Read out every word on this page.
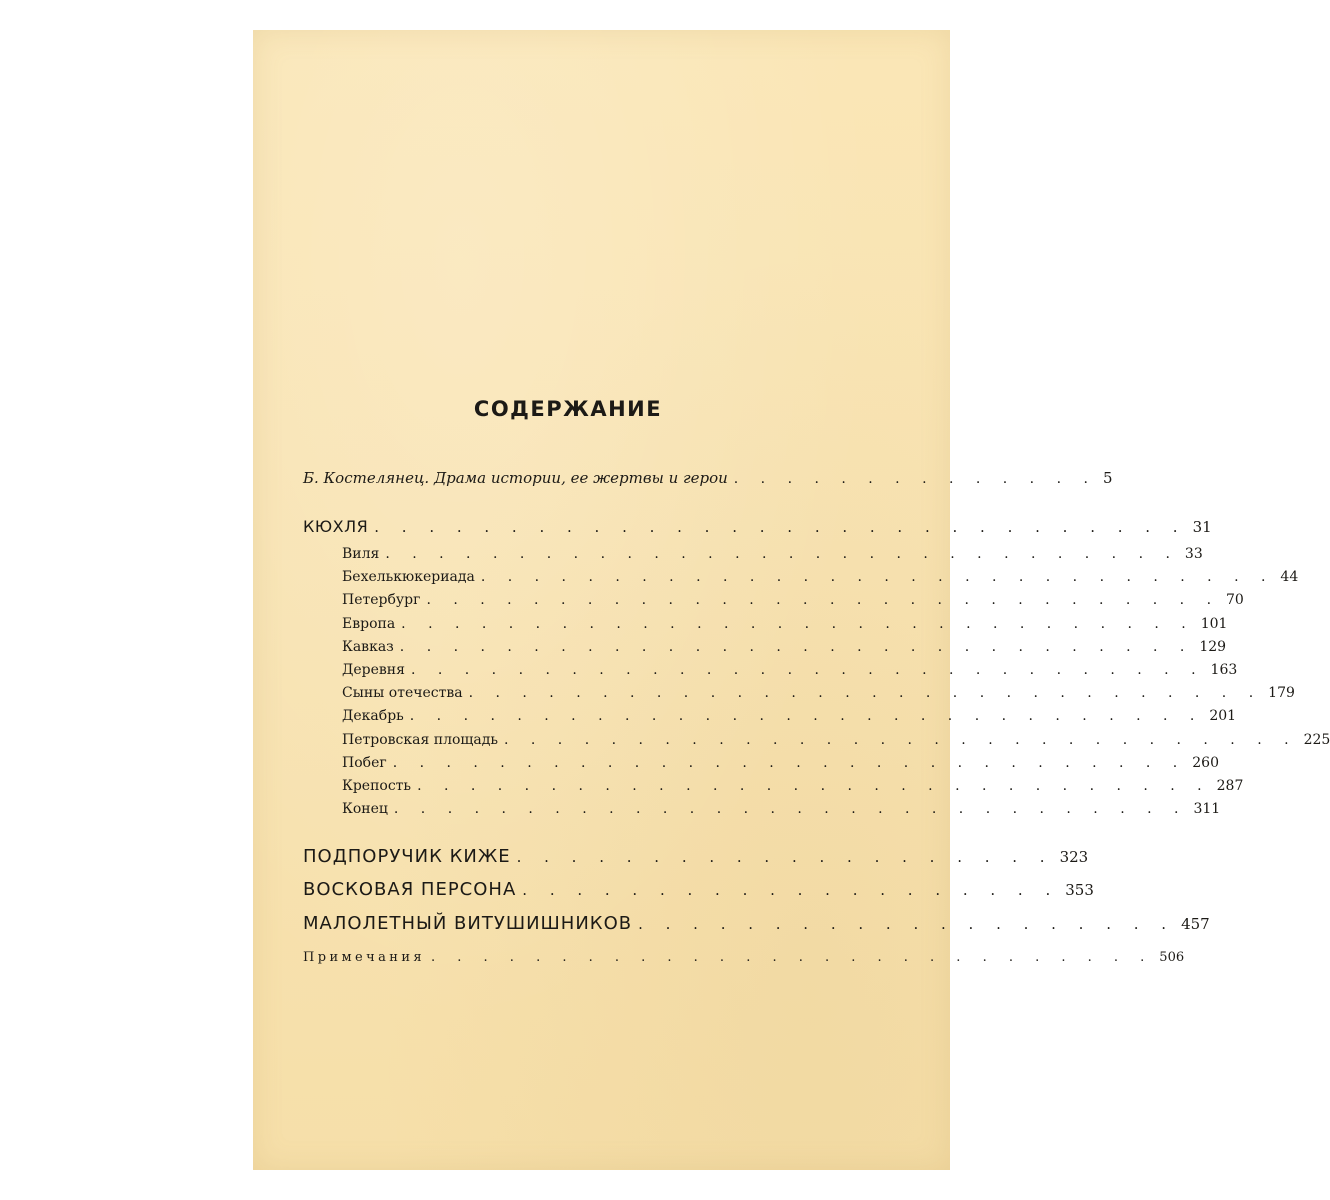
СОДЕРЖАНИЕ
Б. Костелянец. Драма истории, ее жертвы и герои . . . . . . . . . . . . . . 5
КЮХЛЯ . . . . . . . . . . . . . . . . . . . . . . . . . . . . . . 31
Виля . . . . . . . . . . . . . . . . . . . . . . . . . . . . . . 33
Бехелькюкериада . . . . . . . . . . . . . . . . . . . . . . . . . . . . . . 44
Петербург . . . . . . . . . . . . . . . . . . . . . . . . . . . . . . 70
Европа . . . . . . . . . . . . . . . . . . . . . . . . . . . . . . 101
Кавказ . . . . . . . . . . . . . . . . . . . . . . . . . . . . . . 129
Деревня . . . . . . . . . . . . . . . . . . . . . . . . . . . . . . 163
Сыны отечества . . . . . . . . . . . . . . . . . . . . . . . . . . . . . . 179
Декабрь . . . . . . . . . . . . . . . . . . . . . . . . . . . . . . 201
Петровская площадь . . . . . . . . . . . . . . . . . . . . . . . . . . . . . . 225
Побег . . . . . . . . . . . . . . . . . . . . . . . . . . . . . . 260
Крепость . . . . . . . . . . . . . . . . . . . . . . . . . . . . . . 287
Конец . . . . . . . . . . . . . . . . . . . . . . . . . . . . . . 311
ПОДПОРУЧИК КИЖЕ . . . . . . . . . . . . . . . . . . . . 323
ВОСКОВАЯ ПЕРСОНА . . . . . . . . . . . . . . . . . . . . 353
МАЛОЛЕТНЫЙ ВИТУШИШНИКОВ . . . . . . . . . . . . . . . . . . . . 457
Примечания . . . . . . . . . . . . . . . . . . . . . . . . . . . . 506
